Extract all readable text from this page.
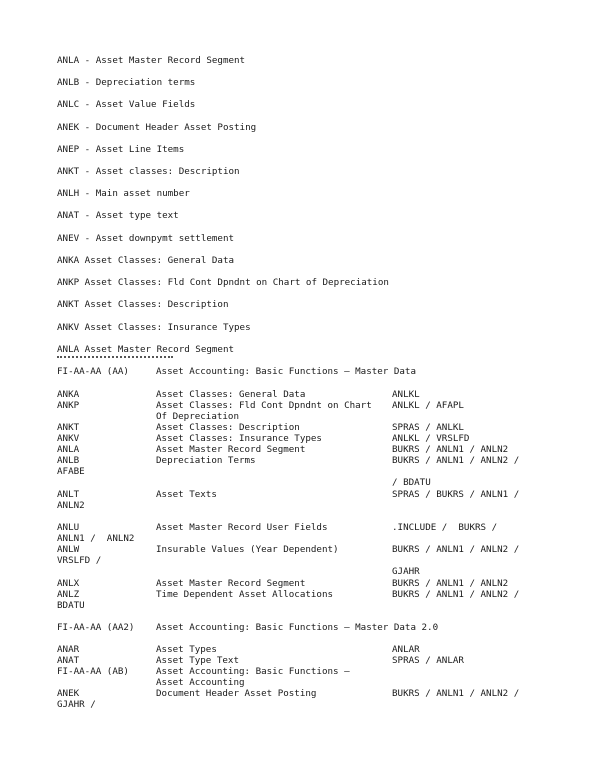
ANLA - Asset Master Record Segment
ANLB - Depreciation terms
ANLC - Asset Value Fields
ANEK - Document Header Asset Posting
ANEP - Asset Line Items
ANKT - Asset classes: Description
ANLH - Main asset number
ANAT - Asset type text
ANEV - Asset downpymt settlement
ANKA Asset Classes: General Data
ANKP Asset Classes: Fld Cont Dpndnt on Chart of Depreciation
ANKT Asset Classes: Description
ANKV Asset Classes: Insurance Types
ANLA Asset Master Record Segment
FI-AA-AA (AA)	Asset Accounting: Basic Functions – Master Data
ANKA	Asset Classes: General Data	ANLKL
ANKP	Asset Classes: Fld Cont Dpndnt on Chart ANLKL / AFAPL
Of Depreciation
ANKT	Asset Classes: Description	SPRAS / ANLKL
ANKV	Asset Classes: Insurance Types	ANLKL / VRSLFD
ANLA	Asset Master Record Segment	BUKRS / ANLN1 / ANLN2
ANLB	Depreciation Terms	BUKRS / ANLN1 / ANLN2 /
AFABE
/ BDATU
ANLT	Asset Texts	SPRAS / BUKRS / ANLN1 /
ANLN2
ANLU	Asset Master Record User Fields	.INCLUDE /  BUKRS /
ANLN1 /  ANLN2
ANLW	Insurable Values (Year Dependent)	BUKRS / ANLN1 / ANLN2 /
VRSLFD /
GJAHR
ANLX	Asset Master Record Segment	BUKRS / ANLN1 / ANLN2
ANLZ	Time Dependent Asset Allocations	BUKRS / ANLN1 / ANLN2 /
BDATU
FI-AA-AA (AA2) Asset Accounting: Basic Functions – Master Data 2.0
ANAR	Asset Types	ANLAR
ANAT	Asset Type Text	SPRAS / ANLAR
FI-AA-AA (AB)	Asset Accounting: Basic Functions –
Asset Accounting
ANEK	Document Header Asset Posting	BUKRS / ANLN1 / ANLN2 /
GJAHR /
